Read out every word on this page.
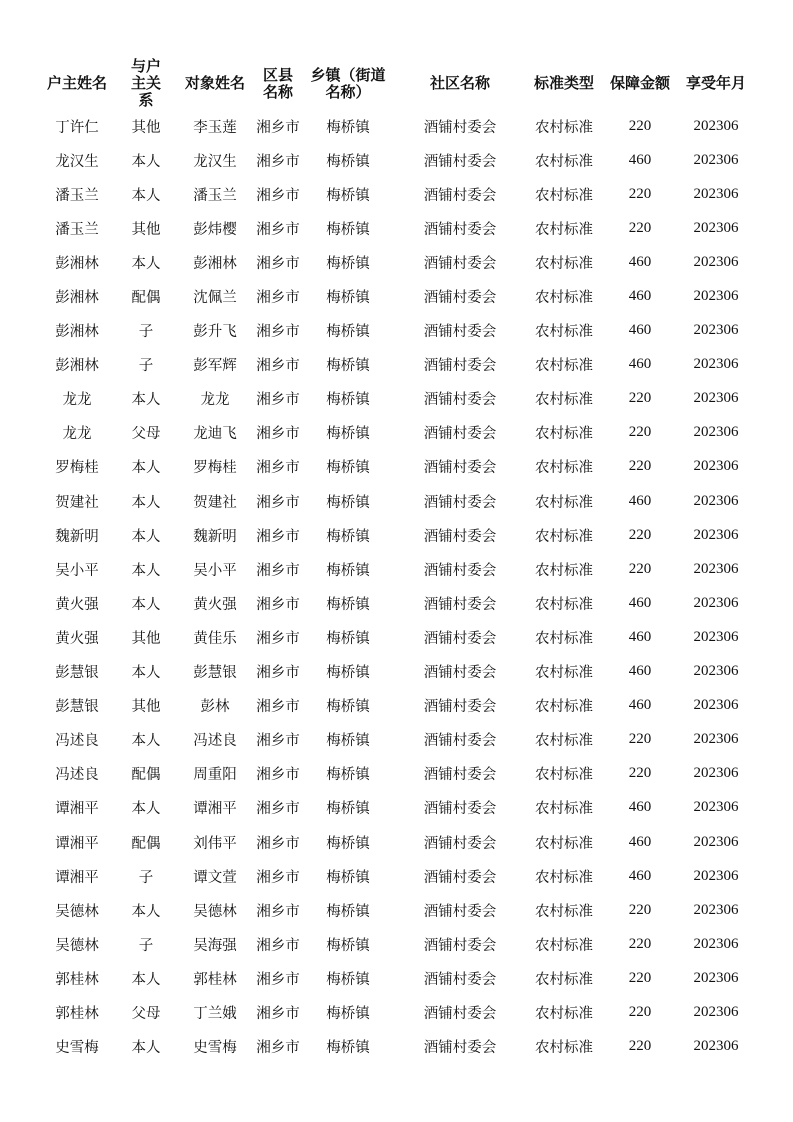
户主姓名	与户主关系	对象姓名	区县名称	乡镇（街道名称）	社区名称	标准类型	保障金额	享受年月

丁许仁	其他	李玉莲	湘乡市	梅桥镇	酒铺村委会	农村标准	220	202306
龙汉生	本人	龙汉生	湘乡市	梅桥镇	酒铺村委会	农村标准	460	202306
潘玉兰	本人	潘玉兰	湘乡市	梅桥镇	酒铺村委会	农村标准	220	202306
潘玉兰	其他	彭炜樱	湘乡市	梅桥镇	酒铺村委会	农村标准	220	202306
彭湘林	本人	彭湘林	湘乡市	梅桥镇	酒铺村委会	农村标准	460	202306
彭湘林	配偶	沈佩兰	湘乡市	梅桥镇	酒铺村委会	农村标准	460	202306
彭湘林	子	彭升飞	湘乡市	梅桥镇	酒铺村委会	农村标准	460	202306
彭湘林	子	彭军辉	湘乡市	梅桥镇	酒铺村委会	农村标准	460	202306
龙龙	本人	龙龙	湘乡市	梅桥镇	酒铺村委会	农村标准	220	202306
龙龙	父母	龙迪飞	湘乡市	梅桥镇	酒铺村委会	农村标准	220	202306
罗梅桂	本人	罗梅桂	湘乡市	梅桥镇	酒铺村委会	农村标准	220	202306
贺建社	本人	贺建社	湘乡市	梅桥镇	酒铺村委会	农村标准	460	202306
魏新明	本人	魏新明	湘乡市	梅桥镇	酒铺村委会	农村标准	220	202306
吴小平	本人	吴小平	湘乡市	梅桥镇	酒铺村委会	农村标准	220	202306
黄火强	本人	黄火强	湘乡市	梅桥镇	酒铺村委会	农村标准	460	202306
黄火强	其他	黄佳乐	湘乡市	梅桥镇	酒铺村委会	农村标准	460	202306
彭慧银	本人	彭慧银	湘乡市	梅桥镇	酒铺村委会	农村标准	460	202306
彭慧银	其他	彭林	湘乡市	梅桥镇	酒铺村委会	农村标准	460	202306
冯述良	本人	冯述良	湘乡市	梅桥镇	酒铺村委会	农村标准	220	202306
冯述良	配偶	周重阳	湘乡市	梅桥镇	酒铺村委会	农村标准	220	202306
谭湘平	本人	谭湘平	湘乡市	梅桥镇	酒铺村委会	农村标准	460	202306
谭湘平	配偶	刘伟平	湘乡市	梅桥镇	酒铺村委会	农村标准	460	202306
谭湘平	子	谭文萱	湘乡市	梅桥镇	酒铺村委会	农村标准	460	202306
吴德林	本人	吴德林	湘乡市	梅桥镇	酒铺村委会	农村标准	220	202306
吴德林	子	吴海强	湘乡市	梅桥镇	酒铺村委会	农村标准	220	202306
郭桂林	本人	郭桂林	湘乡市	梅桥镇	酒铺村委会	农村标准	220	202306
郭桂林	父母	丁兰娥	湘乡市	梅桥镇	酒铺村委会	农村标准	220	202306
史雪梅	本人	史雪梅	湘乡市	梅桥镇	酒铺村委会	农村标准	220	202306
